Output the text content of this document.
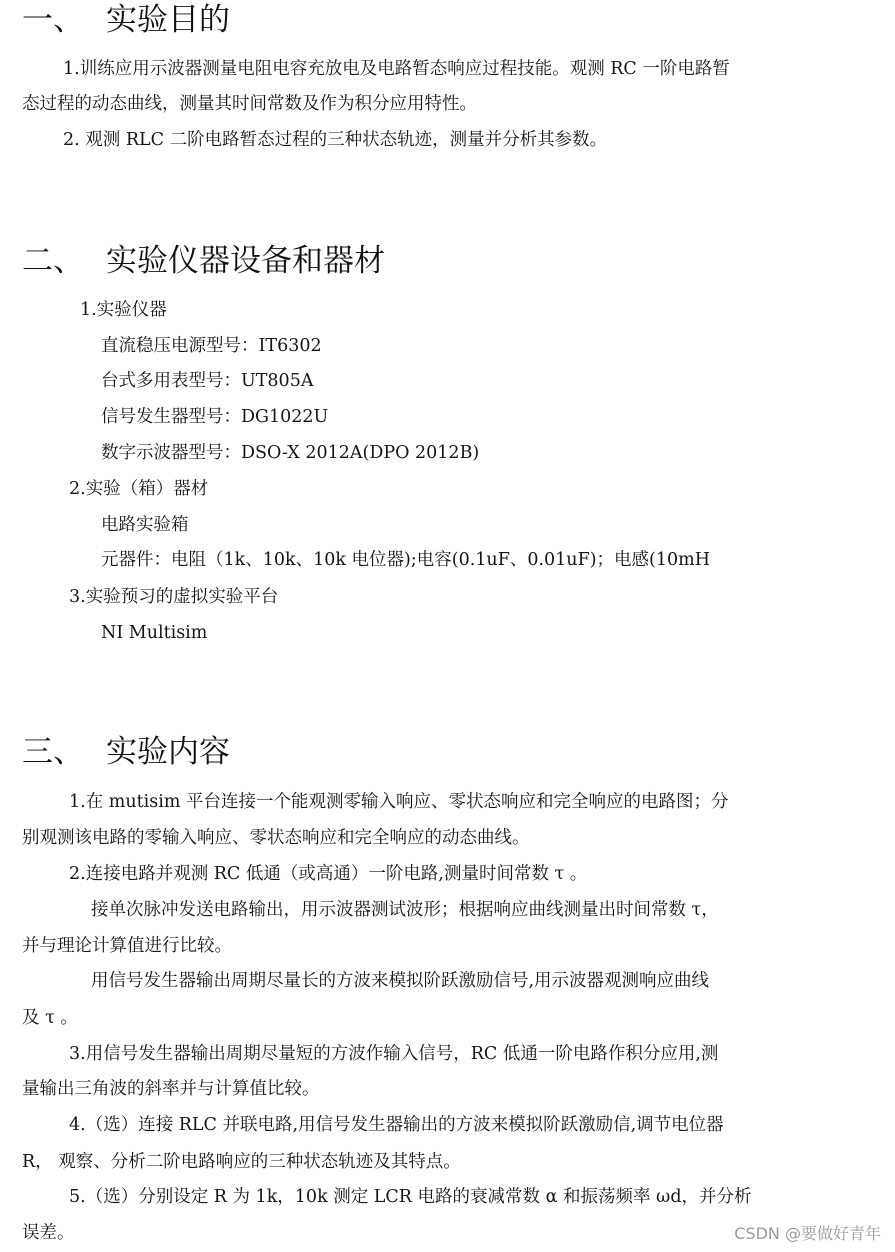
一、 实验目的
1.训练应用示波器测量电阻电容充放电及电路暂态响应过程技能。观测 RC 一阶电路暂
态过程的动态曲线，测量其时间常数及作为积分应用特性。
2. 观测 RLC 二阶电路暂态过程的三种状态轨迹，测量并分析其参数。
二、 实验仪器设备和器材
1.实验仪器
直流稳压电源型号：IT6302
台式多用表型号：UT805A
信号发生器型号：DG1022U
数字示波器型号：DSO-X 2012A(DPO 2012B)
2.实验（箱）器材
电路实验箱
元器件：电阻（1k、10k、10k 电位器);电容(0.1uF、0.01uF)；电感(10mH
3.实验预习的虚拟实验平台
NI Multisim
三、 实验内容
1.在 mutisim 平台连接一个能观测零输入响应、零状态响应和完全响应的电路图；分
别观测该电路的零输入响应、零状态响应和完全响应的动态曲线。
2.连接电路并观测 RC 低通（或高通）一阶电路,测量时间常数 τ 。
接单次脉冲发送电路输出，用示波器测试波形；根据响应曲线测量出时间常数 τ，
并与理论计算值进行比较。
用信号发生器输出周期尽量长的方波来模拟阶跃激励信号,用示波器观测响应曲线
及 τ 。
3.用信号发生器输出周期尽量短的方波作输入信号，RC 低通一阶电路作积分应用,测
量输出三角波的斜率并与计算值比较。
4.（选）连接 RLC 并联电路,用信号发生器输出的方波来模拟阶跃激励信,调节电位器
R， 观察、分析二阶电路响应的三种状态轨迹及其特点。
5.（选）分别设定 R 为 1k，10k 测定 LCR 电路的衰减常数 α 和振荡频率 ωd，并分析
误差。	CSDN @要做好青年
